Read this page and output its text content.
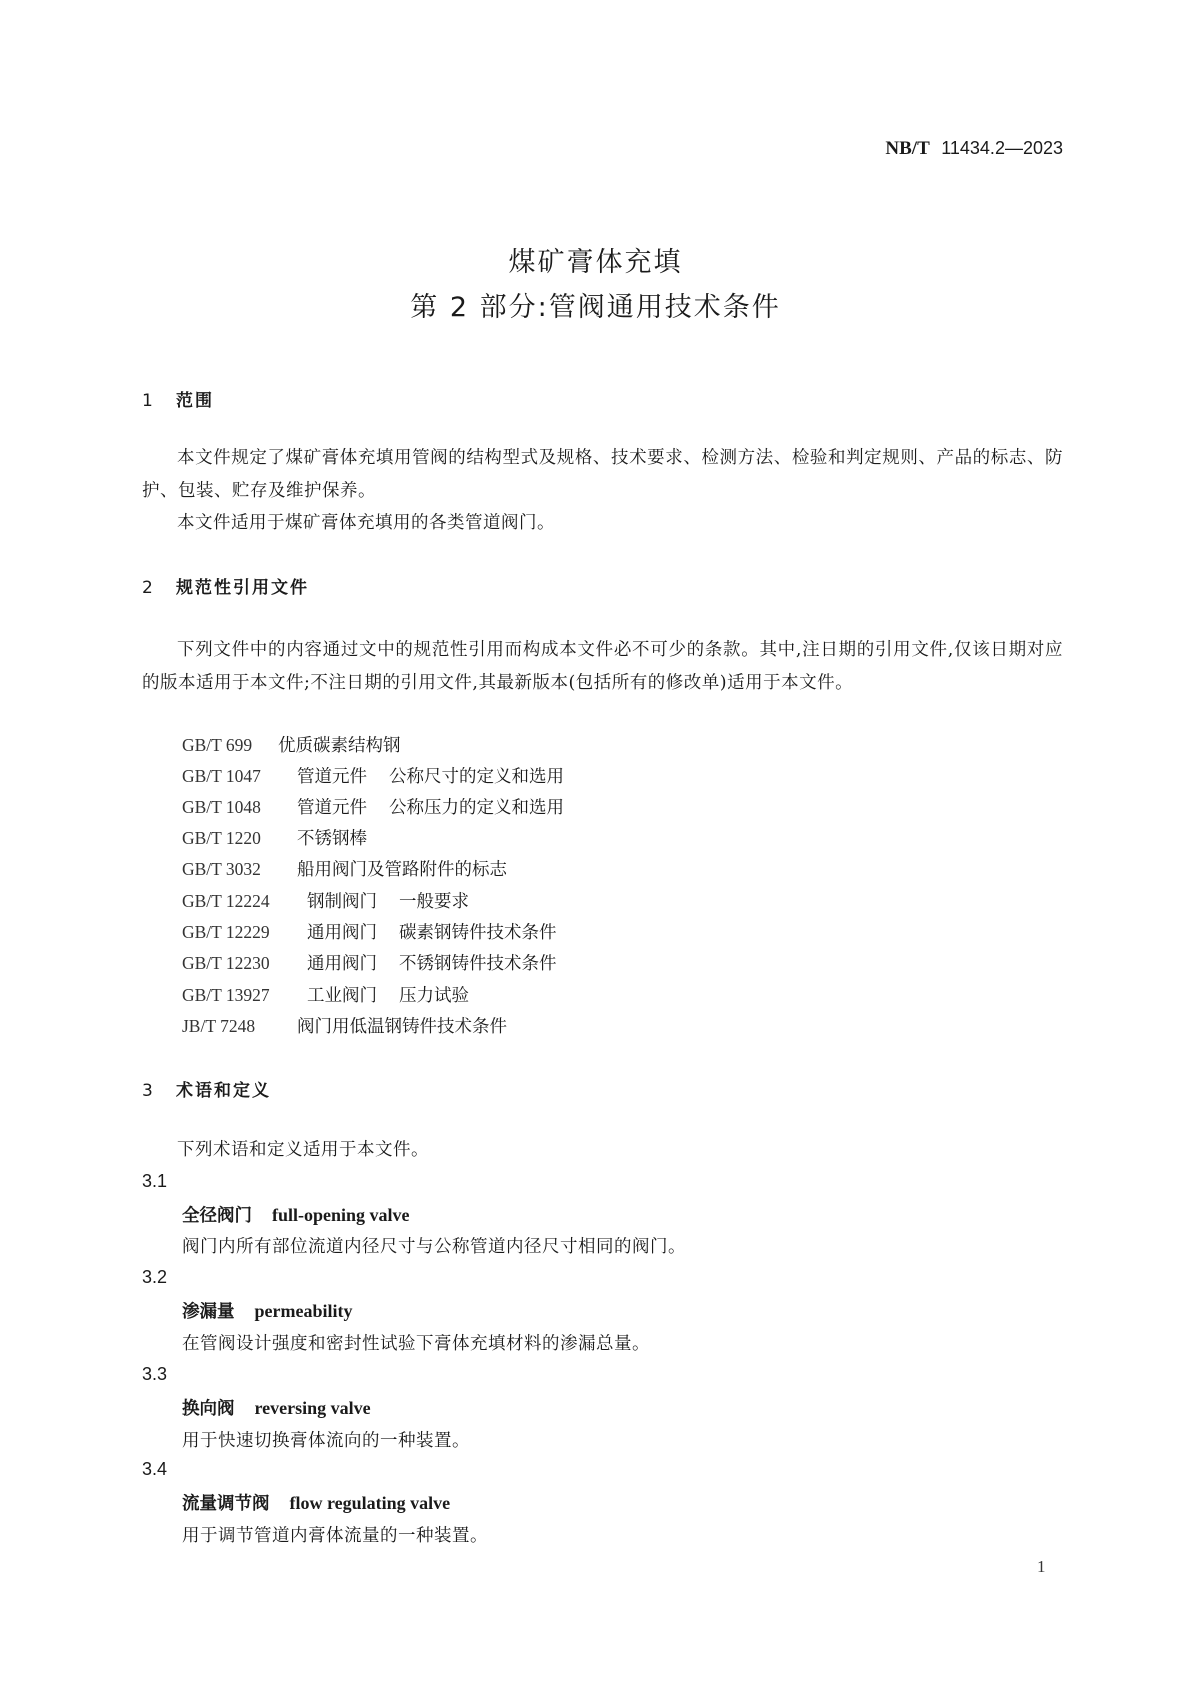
NB/T 11434.2—2023
煤矿膏体充填
第 2 部分:管阀通用技术条件
1 范围

本文件规定了煤矿膏体充填用管阀的结构型式及规格、技术要求、检测方法、检验和判定规则、产品的标志、防护、包装、贮存及维护保养。

本文件适用于煤矿膏体充填用的各类管道阀门。

2 规范性引用文件

下列文件中的内容通过文中的规范性引用而构成本文件必不可少的条款。其中,注日期的引用文件,仅该日期对应的版本适用于本文件;不注日期的引用文件,其最新版本(包括所有的修改单)适用于本文件。

GB/T 699 优质碳素结构钢
GB/T 1047 管道元件 公称尺寸的定义和选用
GB/T 1048 管道元件 公称压力的定义和选用
GB/T 1220 不锈钢棒
GB/T 3032 船用阀门及管路附件的标志
GB/T 12224 钢制阀门 一般要求
GB/T 12229 通用阀门 碳素钢铸件技术条件
GB/T 12230 通用阀门 不锈钢铸件技术条件
GB/T 13927 工业阀门 压力试验
JB/T 7248 阀门用低温钢铸件技术条件
3 术语和定义

下列术语和定义适用于本文件。

3.1
全径阀门 full-opening valve
阀门内所有部位流道内径尺寸与公称管道内径尺寸相同的阀门。
3.2
渗漏量 permeability
在管阀设计强度和密封性试验下膏体充填材料的渗漏总量。
3.3
换向阀 reversing valve
用于快速切换膏体流向的一种装置。
3.4
流量调节阀 flow regulating valve
用于调节管道内膏体流量的一种装置。
1
